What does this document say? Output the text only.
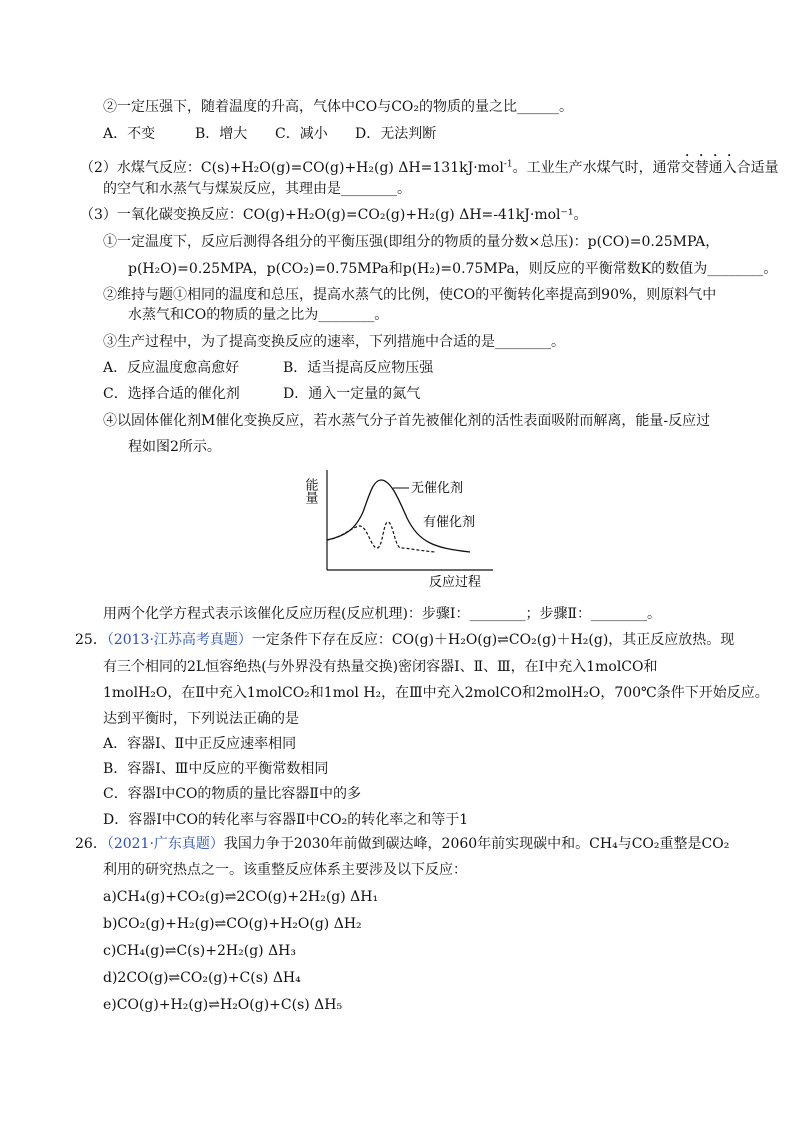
②一定压强下，随着温度的升高，气体中CO与CO₂的物质的量之比______。
A．不变	B．增大 C．减小 D．无法判断
（2）水煤气反应：C(s)+H₂O(g)=CO(g)+H₂(g) ΔH=131kJ·mol$^{-1}$。工业生产水煤气时，通常交替通入合适量
的空气和水蒸气与煤炭反应，其理由是________。
（3）一氧化碳变换反应：CO(g)+H₂O(g)=CO₂(g)+H₂(g) ΔH=-41kJ·mol⁻¹。
①一定温度下，反应后测得各组分的平衡压强(即组分的物质的量分数×总压)：p(CO)=0.25MPA，
p(H₂O)=0.25MPA，p(CO₂)=0.75MPa和p(H₂)=0.75MPa，则反应的平衡常数K的数值为________。
②维持与题①相同的温度和总压，提高水蒸气的比例，使CO的平衡转化率提高到90%，则原料气中
水蒸气和CO的物质的量之比为________。
③生产过程中，为了提高变换反应的速率，下列措施中合适的是________。
A．反应温度愈高愈好	B．适当提高反应物压强
C．选择合适的催化剂	D．通入一定量的氮气
④以固体催化剂M催化变换反应，若水蒸气分子首先被催化剂的活性表面吸附而解离，能量-反应过
程如图2所示。
能量	无催化剂
有催化剂
反应过程
用两个化学方程式表示该催化反应历程(反应机理)：步骤Ⅰ：________；步骤Ⅱ：________。
25．（2013·江苏高考真题）一定条件下存在反应：CO(g)＋H₂O(g)⇌CO₂(g)＋H₂(g)，其正反应放热。现
有三个相同的2L恒容绝热(与外界没有热量交换)密闭容器Ⅰ、Ⅱ、Ⅲ，在Ⅰ中充入1molCO和
1molH₂O，在Ⅱ中充入1molCO₂和1mol H₂，在Ⅲ中充入2molCO和2molH₂O，700℃条件下开始反应。
达到平衡时，下列说法正确的是
A．容器Ⅰ、Ⅱ中正反应速率相同
B．容器Ⅰ、Ⅲ中反应的平衡常数相同
C．容器Ⅰ中CO的物质的量比容器Ⅱ中的多
D．容器Ⅰ中CO的转化率与容器Ⅱ中CO₂的转化率之和等于1
26．（2021·广东真题）我国力争于2030年前做到碳达峰，2060年前实现碳中和。CH₄与CO₂重整是CO₂
利用的研究热点之一。该重整反应体系主要涉及以下反应：
a)CH₄(g)+CO₂(g)⇌2CO(g)+2H₂(g) ΔH₁
b)CO₂(g)+H₂(g)⇌CO(g)+H₂O(g) ΔH₂
c)CH₄(g)⇌C(s)+2H₂(g) ΔH₃
d)2CO(g)⇌CO₂(g)+C(s) ΔH₄
e)CO(g)+H₂(g)⇌H₂O(g)+C(s) ΔH₅
